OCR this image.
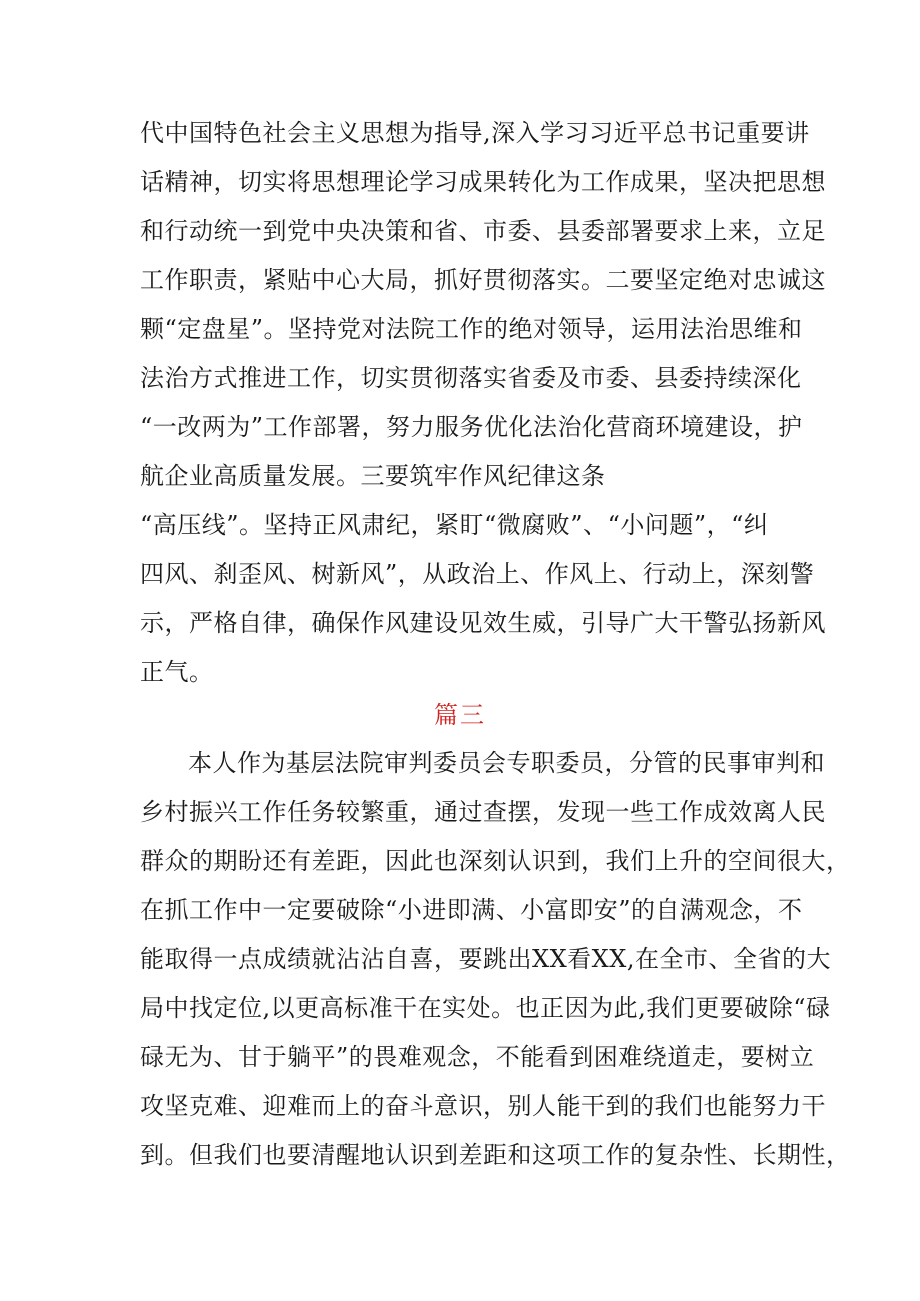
代中国特色社会主义思想为指导,深入学习习近平总书记重要讲
话精神，切实将思想理论学习成果转化为工作成果，坚决把思想
和行动统一到党中央决策和省、市委、县委部署要求上来，立足
工作职责，紧贴中心大局，抓好贯彻落实。二要坚定绝对忠诚这
颗“定盘星”。坚持党对法院工作的绝对领导，运用法治思维和
法治方式推进工作，切实贯彻落实省委及市委、县委持续深化
“一改两为”工作部署，努力服务优化法治化营商环境建设，护
航企业高质量发展。三要筑牢作风纪律这条
“高压线”。坚持正风肃纪，紧盯“微腐败”、“小问题”，“纠
四风、刹歪风、树新风”，从政治上、作风上、行动上，深刻警
示，严格自律，确保作风建设见效生威，引导广大干警弘扬新风
正气。
篇三
本人作为基层法院审判委员会专职委员，分管的民事审判和
乡村振兴工作任务较繁重，通过查摆，发现一些工作成效离人民
群众的期盼还有差距，因此也深刻认识到，我们上升的空间很大，
在抓工作中一定要破除“小进即满、小富即安”的自满观念，不
能取得一点成绩就沾沾自喜，要跳出XX看XX,在全市、全省的大
局中找定位,以更高标准干在实处。也正因为此,我们更要破除“碌
碌无为、甘于躺平”的畏难观念，不能看到困难绕道走，要树立
攻坚克难、迎难而上的奋斗意识，别人能干到的我们也能努力干
到。但我们也要清醒地认识到差距和这项工作的复杂性、长期性，
